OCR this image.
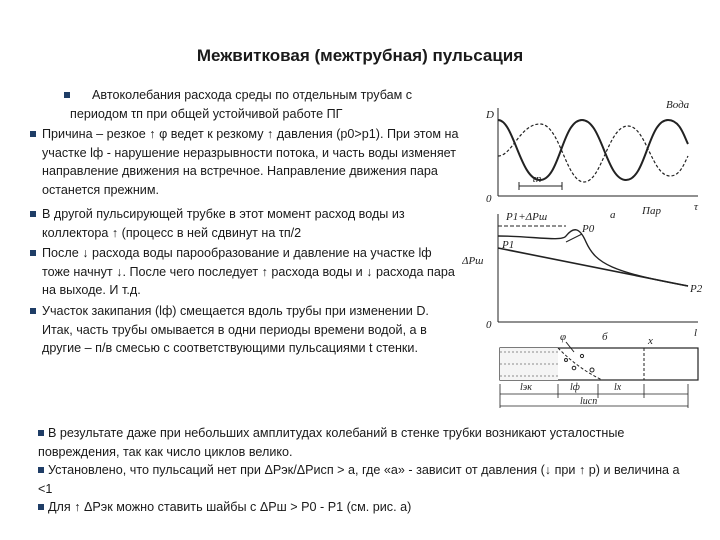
Межвитковая (межтрубная) пульсация

Автоколебания расхода среды по отдельным трубам с периодом τп при общей устойчивой работе ПГ

Причина – резкое ↑ φ ведет к резкому ↑ давления (p0>p1). При этом на участке lф - нарушение неразрывности потока, и часть воды изменяет направление движения на встречное. Направление движения пара останется прежним.

В другой пульсирующей трубке в этот момент расход воды из коллектора ↑ (процесс в ней сдвинут на τп/2

После ↓ расхода воды парообразование и давление на участке lф тоже начнут ↓. После чего последует ↑ расхода воды и ↓ расхода пара на выходе. И т.д.

Участок закипания (lф) смещается вдоль трубы при изменении D. Итак, часть трубы омывается в одни периоды времени водой, а в другие – п/в смесью с соответствующими пульсациями t стенки.

В результате даже при небольших амплитудах колебаний в стенке трубки возникают усталостные повреждения, так как число циклов велико.

Установлено, что пульсаций нет при ΔPэк/ΔPисп > a, где «a» - зависит от давления (↓ при ↑ p) и величина a <1

Для ↑ ΔPэк можно ставить шайбы с ΔPш > P0 - P1 (см. рис. а)

D
Вода
Пар
τп
0
τ
а
ΔPш
P1+ΔPш
P1
P0
P2
0
l
φ	б	x
lэк	lф	lх
lисп
